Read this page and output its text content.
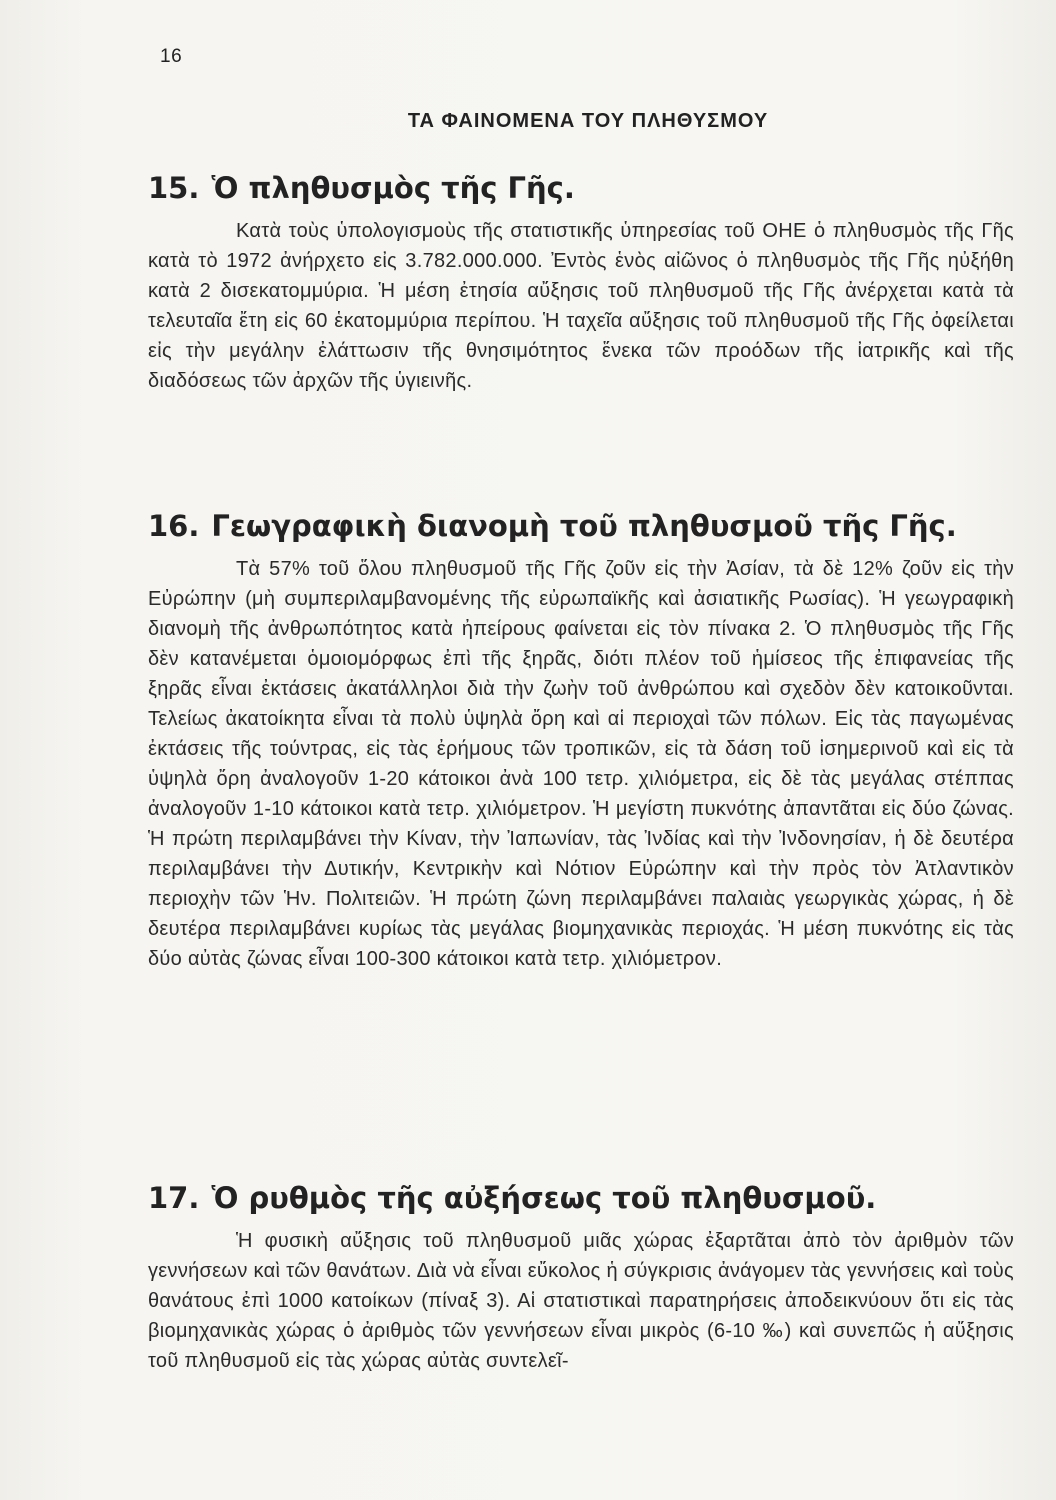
16
ΤΑ ΦΑΙΝΟΜΕΝΑ ΤΟΥ ΠΛΗΘΥΣΜΟΥ
15. Ὁ πληθυσμὸς τῆς Γῆς.

Κατὰ τοὺς ὑπολογισμοὺς τῆς στατιστικῆς ὑπηρεσίας τοῦ ΟΗΕ ὁ πληθυσμὸς τῆς Γῆς κατὰ τὸ 1972 ἀνήρχετο εἰς 3.782.000.000. Ἐντὸς ἑνὸς αἰῶνος ὁ πληθυσμὸς τῆς Γῆς ηὐξήθη κατὰ 2 δισεκατομμύρια. Ἡ μέση ἐτησία αὔξησις τοῦ πληθυσμοῦ τῆς Γῆς ἀνέρχεται κατὰ τὰ τελευταῖα ἔτη εἰς 60 ἑκατομμύρια περίπου. Ἡ ταχεῖα αὔξησις τοῦ πληθυσμοῦ τῆς Γῆς ὀφείλεται εἰς τὴν μεγάλην ἐλάττωσιν τῆς θνησιμότητος ἕνεκα τῶν προόδων τῆς ἰατρικῆς καὶ τῆς διαδόσεως τῶν ἀρχῶν τῆς ὑγιεινῆς.

16. Γεωγραφικὴ διανομὴ τοῦ πληθυσμοῦ τῆς Γῆς.

Τὰ 57% τοῦ ὅλου πληθυσμοῦ τῆς Γῆς ζοῦν εἰς τὴν Ἀσίαν, τὰ δὲ 12% ζοῦν εἰς τὴν Εὐρώπην (μὴ συμπεριλαμβανομένης τῆς εὐρωπαϊκῆς καὶ ἀσιατικῆς Ρωσίας). Ἡ γεωγραφικὴ διανομὴ τῆς ἀνθρωπότητος κατὰ ἠπείρους φαίνεται εἰς τὸν πίνακα 2. Ὁ πληθυσμὸς τῆς Γῆς δὲν κατανέμεται ὁμοιομόρφως ἐπὶ τῆς ξηρᾶς, διότι πλέον τοῦ ἡμίσεος τῆς ἐπιφανείας τῆς ξηρᾶς εἶναι ἐκτάσεις ἀκατάλληλοι διὰ τὴν ζωὴν τοῦ ἀνθρώπου καὶ σχεδὸν δὲν κατοικοῦνται. Τελείως ἀκατοίκητα εἶναι τὰ πολὺ ὑψηλὰ ὄρη καὶ αἱ περιοχαὶ τῶν πόλων. Εἰς τὰς παγωμένας ἐκτάσεις τῆς τούντρας, εἰς τὰς ἐρήμους τῶν τροπικῶν, εἰς τὰ δάση τοῦ ἰσημερινοῦ καὶ εἰς τὰ ὑψηλὰ ὄρη ἀναλογοῦν 1-20 κάτοικοι ἀνὰ 100 τετρ. χιλιόμετρα, εἰς δὲ τὰς μεγάλας στέππας ἀναλογοῦν 1-10 κάτοικοι κατὰ τετρ. χιλιόμετρον. Ἡ μεγίστη πυκνότης ἀπαντᾶται εἰς δύο ζώνας. Ἡ πρώτη περιλαμβάνει τὴν Κίναν, τὴν Ἰαπωνίαν, τὰς Ἰνδίας καὶ τὴν Ἰνδονησίαν, ἡ δὲ δευτέρα περιλαμβάνει τὴν Δυτικήν, Κεντρικὴν καὶ Νότιον Εὐρώπην καὶ τὴν πρὸς τὸν Ἀτλαντικὸν περιοχὴν τῶν Ἡν. Πολιτειῶν. Ἡ πρώτη ζώνη περιλαμβάνει παλαιὰς γεωργικὰς χώρας, ἡ δὲ δευτέρα περιλαμβάνει κυρίως τὰς μεγάλας βιομηχανικὰς περιοχάς. Ἡ μέση πυκνότης εἰς τὰς δύο αὐτὰς ζώνας εἶναι 100-300 κάτοικοι κατὰ τετρ. χιλιόμετρον.

17. Ὁ ρυθμὸς τῆς αὐξήσεως τοῦ πληθυσμοῦ.

Ἡ φυσικὴ αὔξησις τοῦ πληθυσμοῦ μιᾶς χώρας ἐξαρτᾶται ἀπὸ τὸν ἀριθμὸν τῶν γεννήσεων καὶ τῶν θανάτων. Διὰ νὰ εἶναι εὔκολος ἡ σύγκρισις ἀνάγομεν τὰς γεννήσεις καὶ τοὺς θανάτους ἐπὶ 1000 κατοίκων (πίναξ 3). Αἱ στατιστικαὶ παρατηρήσεις ἀποδεικνύουν ὅτι εἰς τὰς βιομηχανικὰς χώρας ὁ ἀριθμὸς τῶν γεννήσεων εἶναι μικρὸς (6-10 ‰) καὶ συνεπῶς ἡ αὔξησις τοῦ πληθυσμοῦ εἰς τὰς χώρας αὐτὰς συντελεῖ-
